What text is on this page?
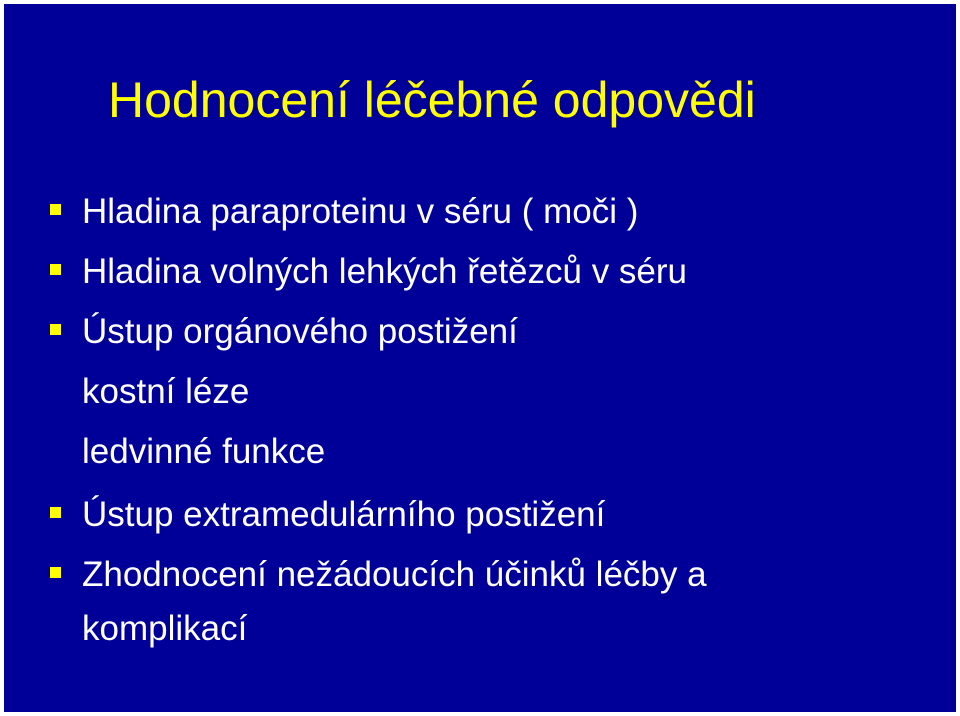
Hodnocení léčebné odpovědi
Hladina paraproteinu v séru ( moči )
Hladina volných lehkých řetězců v séru
Ústup orgánového postižení
kostní léze
ledvinné funkce
Ústup extramedulárního postižení
Zhodnocení nežádoucích účinků léčby a
komplikací
